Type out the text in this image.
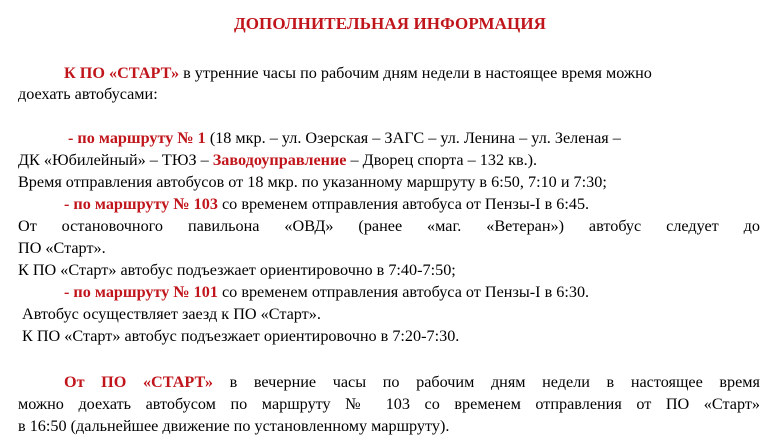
ДОПОЛНИТЕЛЬНАЯ ИНФОРМАЦИЯ
К ПО «СТАРТ» в утренние часы по рабочим дням недели в настоящее время можно
доехать автобусами:
- по маршруту № 1 (18 мкр. – ул. Озерская – ЗАГС – ул. Ленина – ул. Зеленая –
ДК «Юбилейный» – ТЮЗ – Заводоуправление – Дворец спорта – 132 кв.).
Время отправления автобусов от 18 мкр. по указанному маршруту в 6:50, 7:10 и 7:30;
- по маршруту № 103 со временем отправления автобуса от Пензы-I в 6:45.
От остановочного павильона «ОВД» (ранее «маг. «Ветеран») автобус следует до
ПО «Старт».
К ПО «Старт» автобус подъезжает ориентировочно в 7:40-7:50;
- по маршруту № 101 со временем отправления автобуса от Пензы-I в 6:30.
Автобус осуществляет заезд к ПО «Старт».
К ПО «Старт» автобус подъезжает ориентировочно в 7:20-7:30.
От ПО «СТАРТ» в вечерние часы по рабочим дням недели в настоящее время
можно доехать автобусом по маршруту № 103 со временем отправления от ПО «Старт»
в 16:50 (дальнейшее движение по установленному маршруту).
